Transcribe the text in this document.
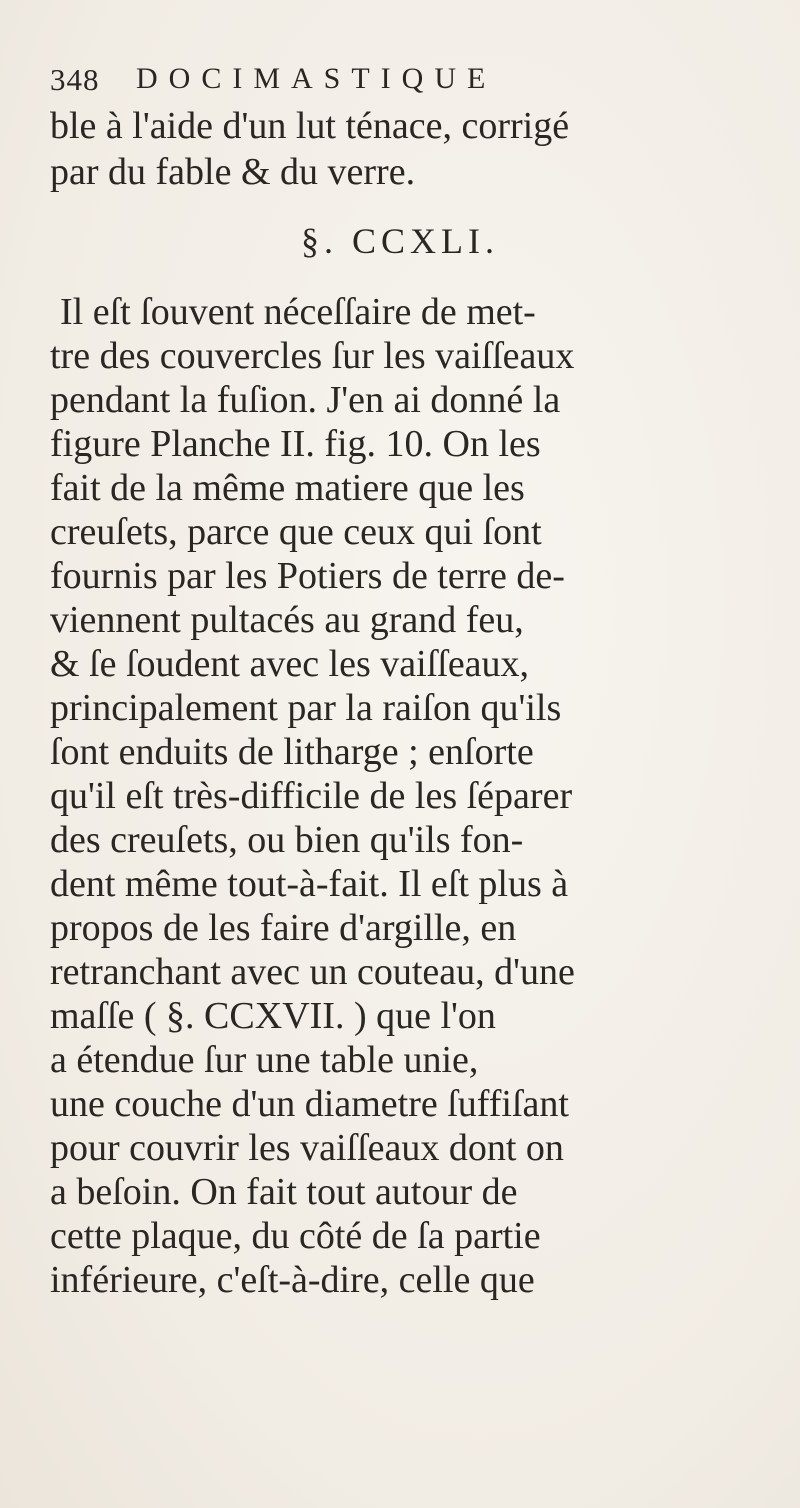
348 DOCIMASTIQUE
ble à l'aide d'un lut ténace, corrigé
par du fable & du verre.
§. CCXLI.
Il eſt ſouvent néceſſaire de met-
tre des couvercles ſur les vaiſſeaux
pendant la fuſion. J'en ai donné la
figure Planche II. fig. 10. On les
fait de la même matiere que les
creuſets, parce que ceux qui ſont
fournis par les Potiers de terre de-
viennent pultacés au grand feu,
& ſe ſoudent avec les vaiſſeaux,
principalement par la raiſon qu'ils
ſont enduits de litharge ; enſorte
qu'il eſt très-difficile de les ſéparer
des creuſets, ou bien qu'ils fon-
dent même tout-à-fait. Il eſt plus à
propos de les faire d'argille, en
retranchant avec un couteau, d'une
maſſe ( §. CCXVII. ) que l'on
a étendue ſur une table unie,
une couche d'un diametre ſuffiſant
pour couvrir les vaiſſeaux dont on
a beſoin. On fait tout autour de
cette plaque, du côté de ſa partie
inférieure, c'eſt-à-dire, celle que
